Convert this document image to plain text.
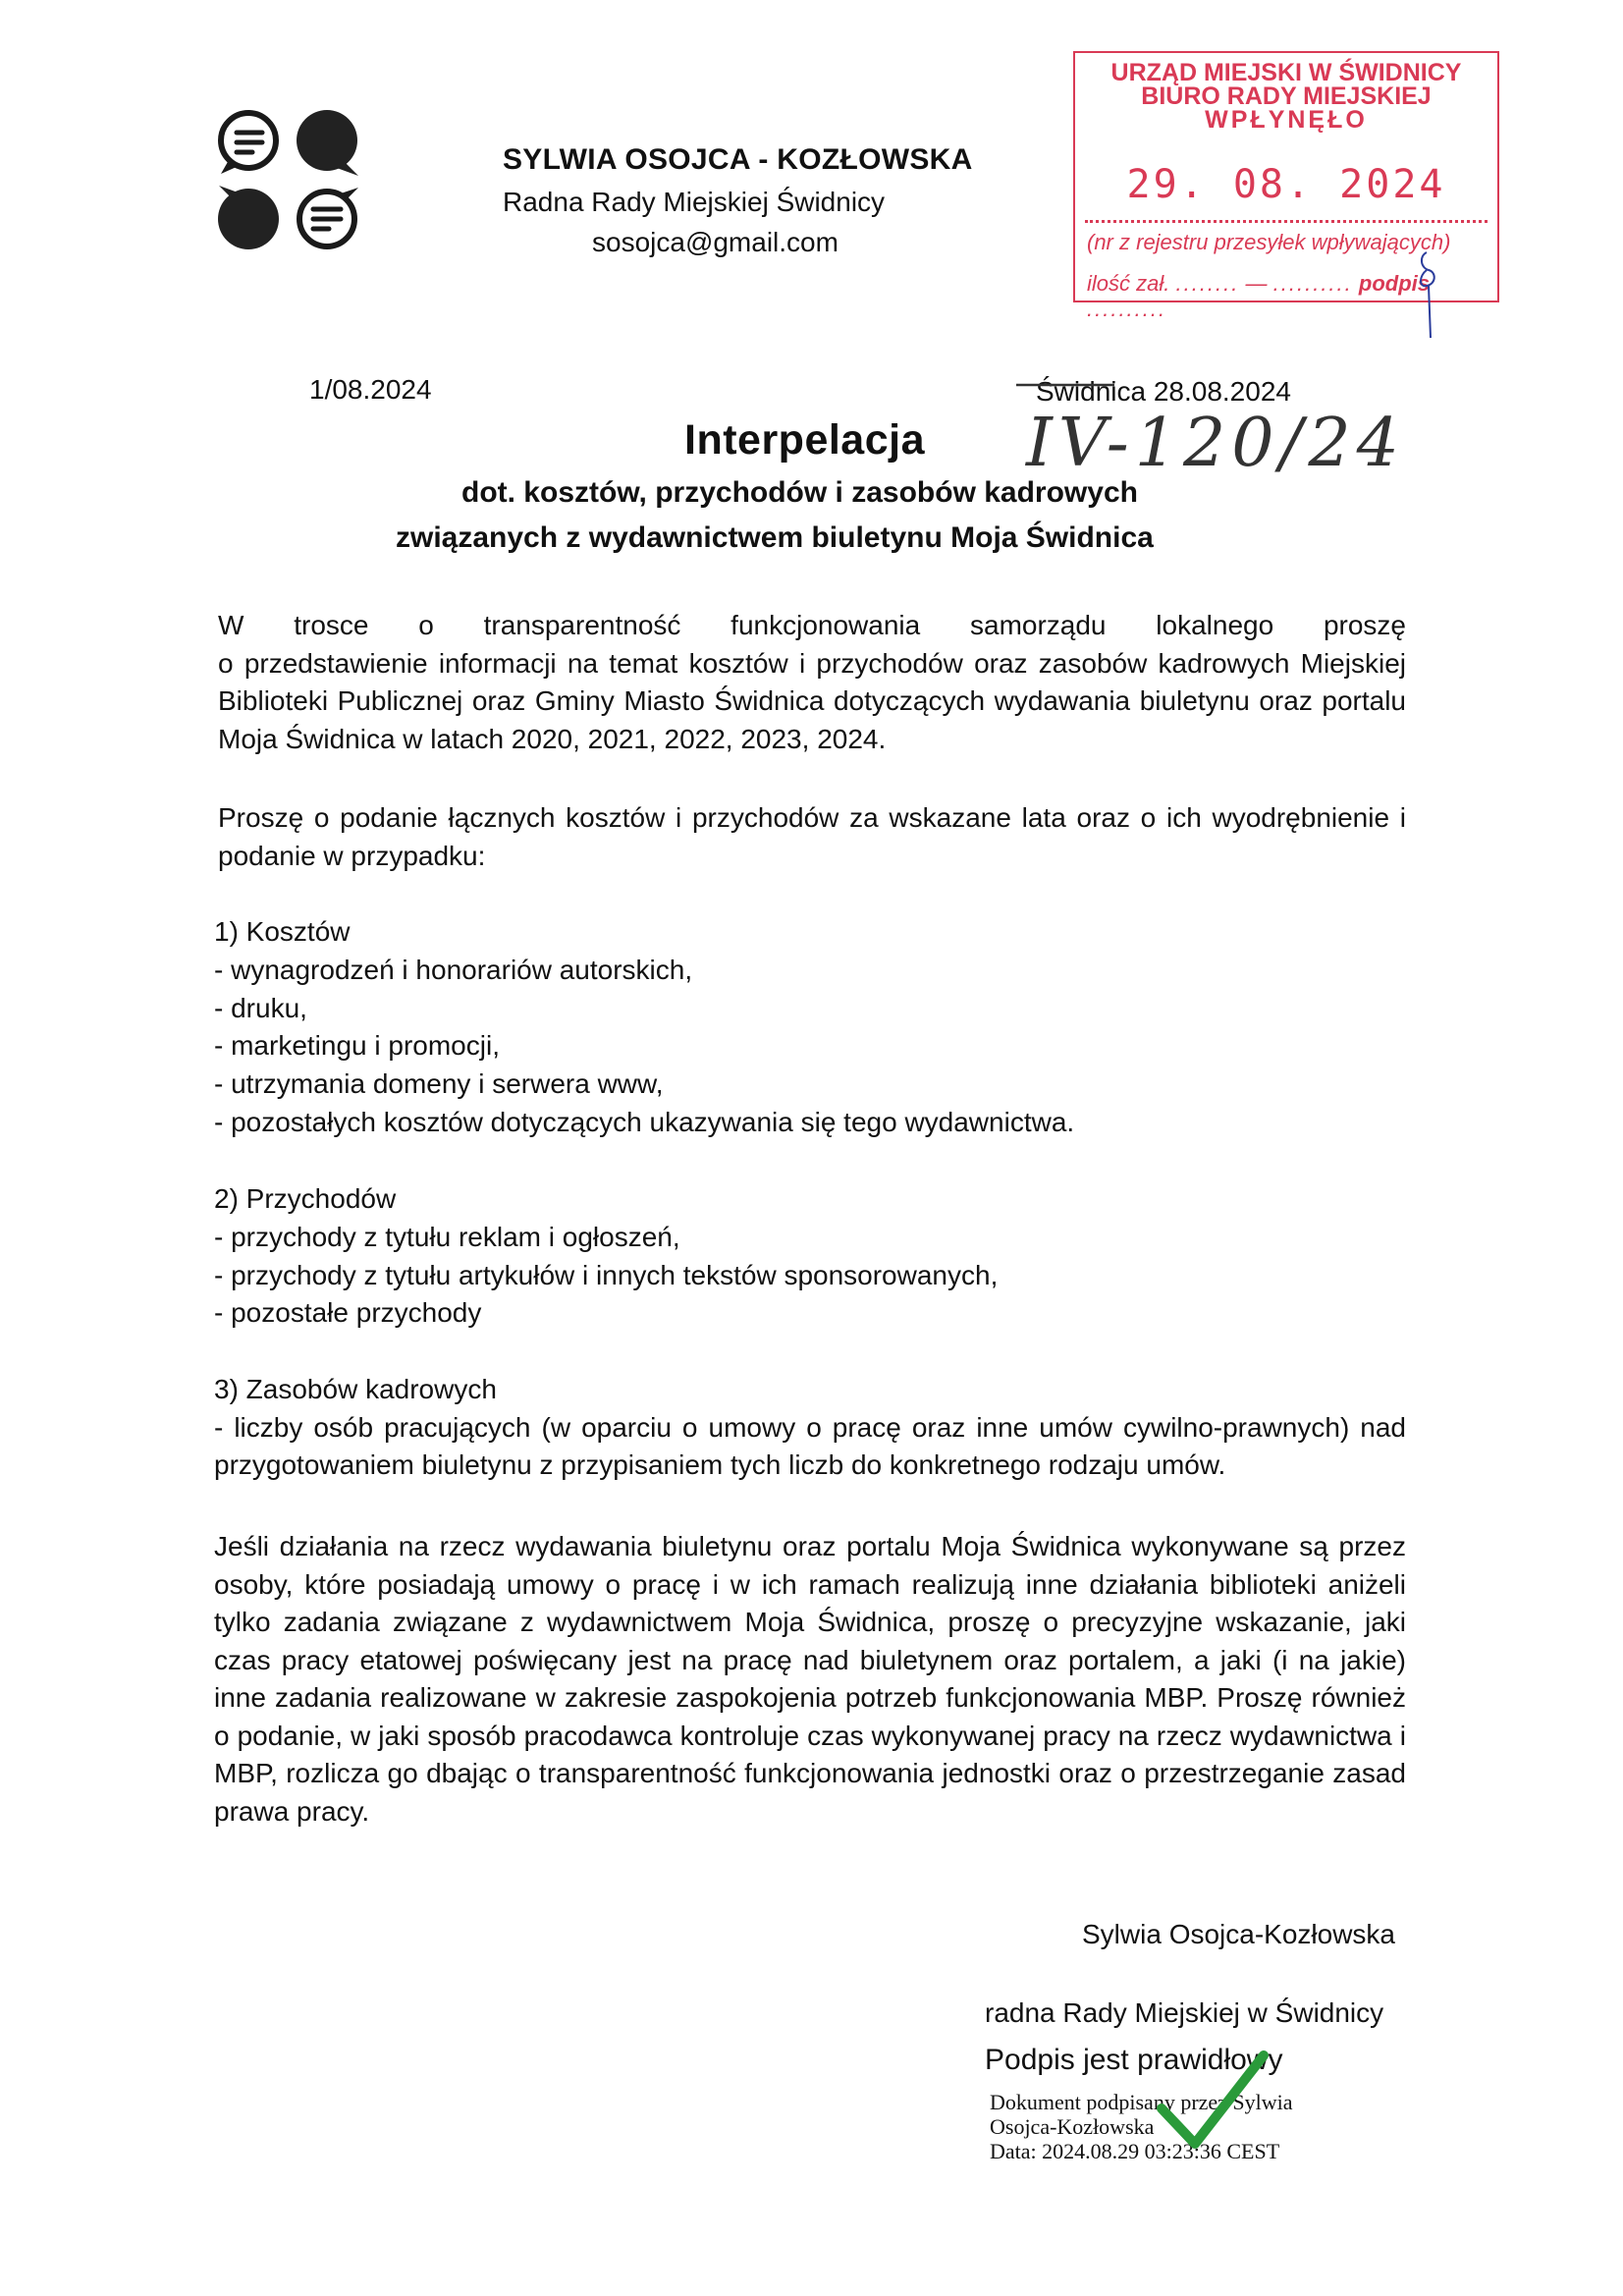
SYLWIA OSOJCA - KOZŁOWSKA
Radna Rady Miejskiej Świdnicy
sosojca@gmail.com
URZĄD MIEJSKI W ŚWIDNICY
BIURO RADY MIEJSKIEJ
WPŁYNĘŁO
29. 08. 2024
(nr z rejestru przesyłek wpływających)
ilość zał. ........ — .......... podpis ..........
1/08.2024	Świdnica 28.08.2024
IV-120/24
Interpelacja
dot. kosztów, przychodów i zasobów kadrowych
związanych z wydawnictwem biuletynu Moja Świdnica

W trosce o transparentność funkcjonowania samorządu lokalnego proszę

o przedstawienie informacji na temat kosztów i przychodów oraz zasobów kadrowych Miejskiej Biblioteki Publicznej oraz Gminy Miasto Świdnica dotyczących wydawania biuletynu oraz portalu Moja Świdnica w latach 2020, 2021, 2022, 2023, 2024.

Proszę o podanie łącznych kosztów i przychodów za wskazane lata oraz o ich wyodrębnienie i podanie w przypadku:

1) Kosztów
- wynagrodzeń i honorariów autorskich,
- druku,
- marketingu i promocji,
- utrzymania domeny i serwera www,
- pozostałych kosztów dotyczących ukazywania się tego wydawnictwa.
2) Przychodów
- przychody z tytułu reklam i ogłoszeń,
- przychody z tytułu artykułów i innych tekstów sponsorowanych,
- pozostałe przychody

3) Zasobów kadrowych

- liczby osób pracujących (w oparciu o umowy o pracę oraz inne umów cywilno-prawnych) nad przygotowaniem biuletynu z przypisaniem tych liczb do konkretnego rodzaju umów.

Jeśli działania na rzecz wydawania biuletynu oraz portalu Moja Świdnica wykonywane są przez osoby, które posiadają umowy o pracę i w ich ramach realizują inne działania biblioteki aniżeli tylko zadania związane z wydawnictwem Moja Świdnica, proszę o precyzyjne wskazanie, jaki czas pracy etatowej poświęcany jest na pracę nad biuletynem oraz portalem, a jaki (i na jakie) inne zadania realizowane w zakresie zaspokojenia potrzeb funkcjonowania MBP. Proszę również o podanie, w jaki sposób pracodawca kontroluje czas wykonywanej pracy na rzecz wydawnictwa i MBP, rozlicza go dbając o transparentność funkcjonowania jednostki oraz o przestrzeganie zasad prawa pracy.

Sylwia Osojca-Kozłowska
radna Rady Miejskiej w Świdnicy
Podpis jest prawidłowy
Dokument podpisany przez Sylwia
Osojca-Kozłowska
Data: 2024.08.29 03:23:36 CEST
